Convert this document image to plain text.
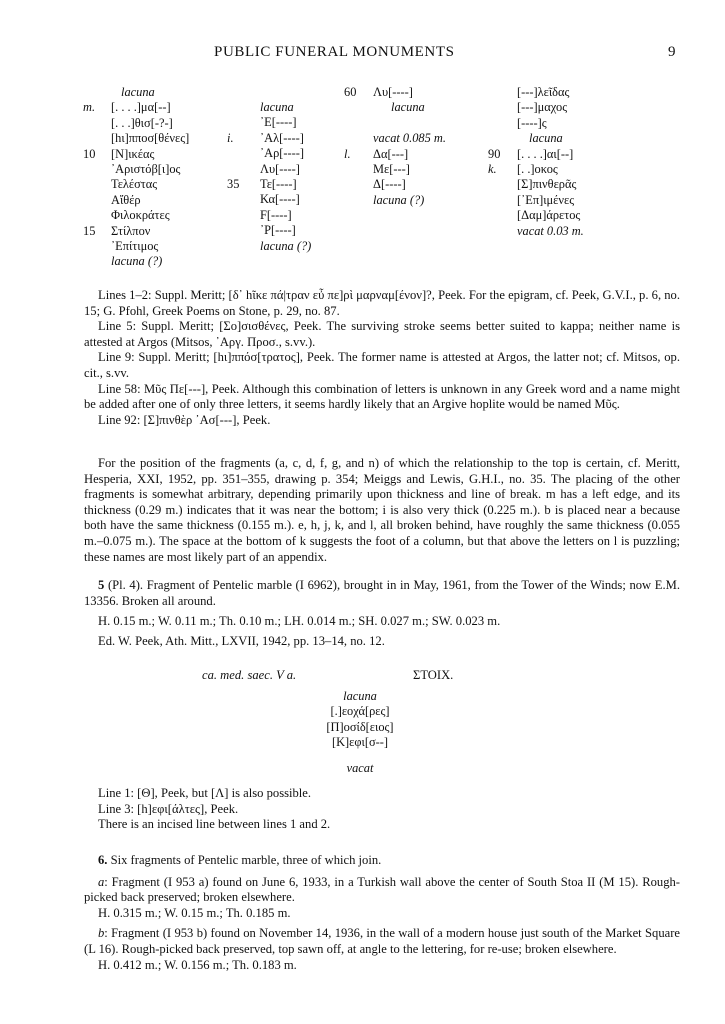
PUBLIC FUNERAL MONUMENTS	9
m.
10
15
lacuna
[. . . .]μα[--]
[. . .]θισ[-?-]
[hι]πποσ[θένες]
[Ν]ικέας
᾿Αριστόβ[ι]ος
Τελέστας
Αἴθέρ
Φιλοκράτες
Στίλπον
᾿Επίτιμος
lacuna (?)
i.
35
lacuna
᾿Ε[----]
᾿Αλ[----]
᾿Αρ[----]
Λυ[----]
Τε[----]
Κα[----]
F[----]
᾿Ρ[----]
lacuna (?)
60
l.
Λυ[----]
lacuna
vacat 0.085 m.
Δα[---]
Με[---]
Δ[----]
lacuna (?)
90
k.
[---]λεῖδας
[---]μαχος
[----]ς
lacuna
[. . . .]αι[--]
[. .]οκος
[Σ]πινθερᾶς
[᾿Επ]ιμένες
[Δαμ]άρετος
vacat 0.03 m.

Lines 1–2: Suppl. Meritt; [δ᾿ hῖκε πά|τραν εὖ πε]ρὶ μαρναμ[ένον]?, Peek. For the epigram, cf. Peek, G.V.I., p. 6, no. 15; G. Pfohl, Greek Poems on Stone, p. 29, no. 87.

Line 5: Suppl. Meritt; [Σο]σισθένες, Peek. The surviving stroke seems better suited to kappa; neither name is attested at Argos (Mitsos, ᾿Αργ. Προσ., s.vv.).

Line 9: Suppl. Meritt; [hι]ππόσ[τρατος], Peek. The former name is attested at Argos, the latter not; cf. Mitsos, op. cit., s.vv.

Line 58: Μῦς Πε[---], Peek. Although this combination of letters is unknown in any Greek word and a name might be added after one of only three letters, it seems hardly likely that an Argive hoplite would be named Μῦς.

Line 92: [Σ]πινθὲρ ᾿Ασ[---], Peek.

For the position of the fragments (a, c, d, f, g, and n) of which the relationship to the top is certain, cf. Meritt, Hesperia, XXI, 1952, pp. 351–355, drawing p. 354; Meiggs and Lewis, G.H.I., no. 35. The placing of the other fragments is somewhat arbitrary, depending primarily upon thickness and line of break. m has a left edge, and its thickness (0.29 m.) indicates that it was near the bottom; i is also very thick (0.225 m.). b is placed near a because both have the same thickness (0.155 m.). e, h, j, k, and l, all broken behind, have roughly the same thickness (0.055 m.–0.075 m.). The space at the bottom of k suggests the foot of a column, but that above the letters on l is puzzling; these names are most likely part of an appendix.

5 (Pl. 4). Fragment of Pentelic marble (I 6962), brought in in May, 1961, from the Tower of the Winds; now E.M. 13356. Broken all around.

H. 0.15 m.; W. 0.11 m.; Th. 0.10 m.; LH. 0.014 m.; SH. 0.027 m.; SW. 0.023 m.

Ed. W. Peek, Ath. Mitt., LXVII, 1942, pp. 13–14, no. 12.

ca. med. saec. V a.	ΣΤΟΙΧ.
lacuna
[.]εοχά[ρες]
[Π]οσίδ[ειος]
[Κ]εφι[σ--]
vacat

Line 1: [Θ], Peek, but [Λ] is also possible.

Line 3: [h]εφι[άλτες], Peek.

There is an incised line between lines 1 and 2.

6. Six fragments of Pentelic marble, three of which join.

a: Fragment (I 953 a) found on June 6, 1933, in a Turkish wall above the center of South Stoa II (M 15). Rough-picked back preserved; broken elsewhere.

H. 0.315 m.; W. 0.15 m.; Th. 0.185 m.

b: Fragment (I 953 b) found on November 14, 1936, in the wall of a modern house just south of the Market Square (L 16). Rough-picked back preserved, top sawn off, at angle to the lettering, for re-use; broken elsewhere.

H. 0.412 m.; W. 0.156 m.; Th. 0.183 m.
